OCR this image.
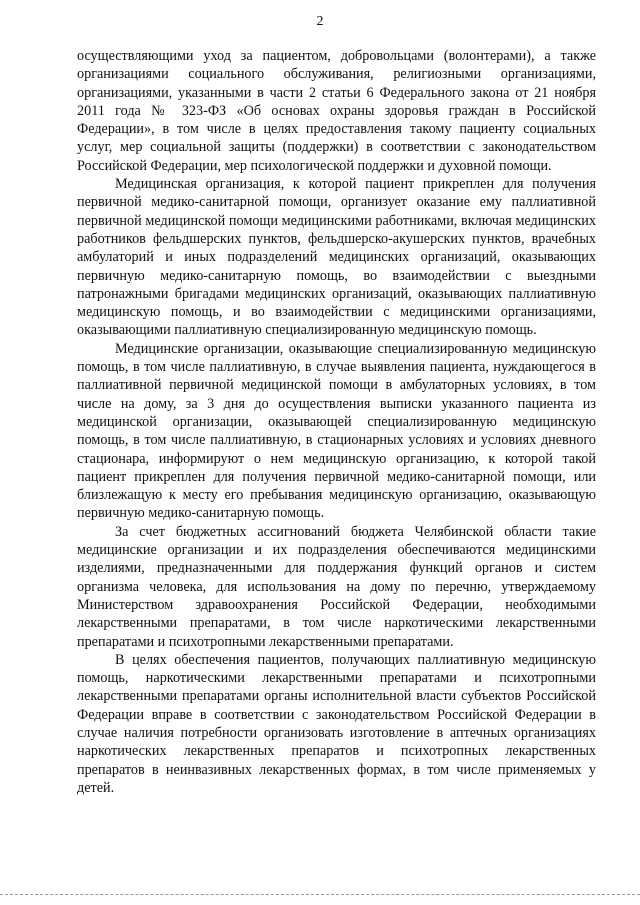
2

осуществляющими уход за пациентом, добровольцами (волонтерами), а также организациями социального обслуживания, религиозными организациями, организациями, указанными в части 2 статьи 6 Федерального закона от 21 ноября 2011 года № 323-ФЗ «Об основах охраны здоровья граждан в Российской Федерации», в том числе в целях предоставления такому пациенту социальных услуг, мер социальной защиты (поддержки) в соответствии с законодательством Российской Федерации, мер психологической поддержки и духовной помощи.

Медицинская организация, к которой пациент прикреплен для получения первичной медико-санитарной помощи, организует оказание ему паллиативной первичной медицинской помощи медицинскими работниками, включая медицинских работников фельдшерских пунктов, фельдшерско-акушерских пунктов, врачебных амбулаторий и иных подразделений медицинских организаций, оказывающих первичную медико-санитарную помощь, во взаимодействии с выездными патронажными бригадами медицинских организаций, оказывающих паллиативную медицинскую помощь, и во взаимодействии с медицинскими организациями, оказывающими паллиативную специализированную медицинскую помощь.

Медицинские организации, оказывающие специализированную медицинскую помощь, в том числе паллиативную, в случае выявления пациента, нуждающегося в паллиативной первичной медицинской помощи в амбулаторных условиях, в том числе на дому, за 3 дня до осуществления выписки указанного пациента из медицинской организации, оказывающей специализированную медицинскую помощь, в том числе паллиативную, в стационарных условиях и условиях дневного стационара, информируют о нем медицинскую организацию, к которой такой пациент прикреплен для получения первичной медико-санитарной помощи, или близлежащую к месту его пребывания медицинскую организацию, оказывающую первичную медико-санитарную помощь.

За счет бюджетных ассигнований бюджета Челябинской области такие медицинские организации и их подразделения обеспечиваются медицинскими изделиями, предназначенными для поддержания функций органов и систем организма человека, для использования на дому по перечню, утверждаемому Министерством здравоохранения Российской Федерации, необходимыми лекарственными препаратами, в том числе наркотическими лекарственными препаратами и психотропными лекарственными препаратами.

В целях обеспечения пациентов, получающих паллиативную медицинскую помощь, наркотическими лекарственными препаратами и психотропными лекарственными препаратами органы исполнительной власти субъектов Российской Федерации вправе в соответствии с законодательством Российской Федерации в случае наличия потребности организовать изготовление в аптечных организациях наркотических лекарственных препаратов и психотропных лекарственных препаратов в неинвазивных лекарственных формах, в том числе применяемых у детей.
